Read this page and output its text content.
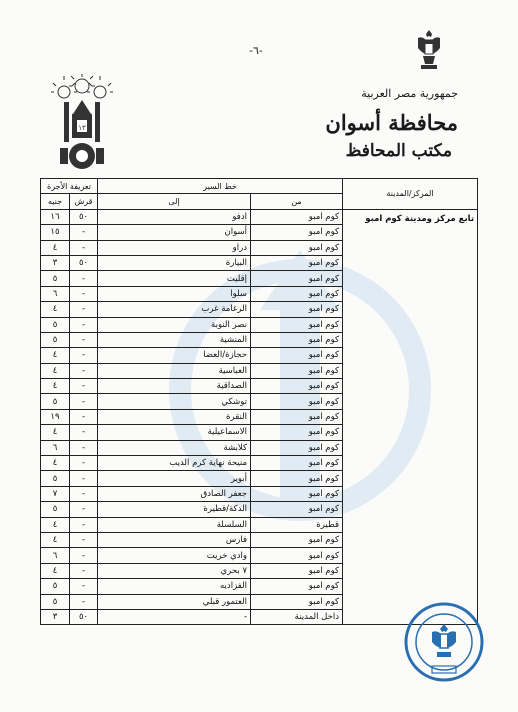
-٦-
١٣
جمهورية مصر العربية
محافظة أسوان
مكتب المحافظ
تعريفة الأجرة		خط السير		المركز/المدينة
جنيه	قرش	إلى	من	
١٦	٥٠	ادفو	كوم امبو	تابع مركز ومدينة كوم امبو
١٥	-	أسوان	كوم امبو	
٤	-	دراو	كوم امبو	
٣	٥٠	البيارة	كوم امبو	
٥	-	إقليت	كوم امبو	
٦	-	سلوا	كوم امبو	
٤	-	الرغامة غرب	كوم امبو	
٥	-	نصر النوبة	كوم امبو	
٥	-	المنشية	كوم امبو	
٤	-	حجازة/العضا	كوم امبو	
٤	-	العباسية	كوم امبو	
٤	-	الصداقية	كوم امبو	
٥	-	توشكي	كوم امبو	
١٩	-	النقرة	كوم امبو	
٤	-	الاسماعيلية	كوم امبو	
٦	-	كلابشة	كوم امبو	
٤	-	منيحة نهاية كرم الديب	كوم امبو	
٥	-	أبوير	كوم امبو	
٧	-	جعفر الصادق	كوم امبو	
٥	-	الدكة/قطيرة	كوم امبو	
٤	-	السلسلة	قطيرة	
٤	-	فارس	كوم امبو	
٦	-	وادي خريت	كوم امبو	
٤	-	٧ بحري	كوم امبو	
٥	-	الفزاديه	كوم امبو	
٥	-	العتمور قبلي	كوم امبو	
٣	٥٠	-	داخل المدينة	
